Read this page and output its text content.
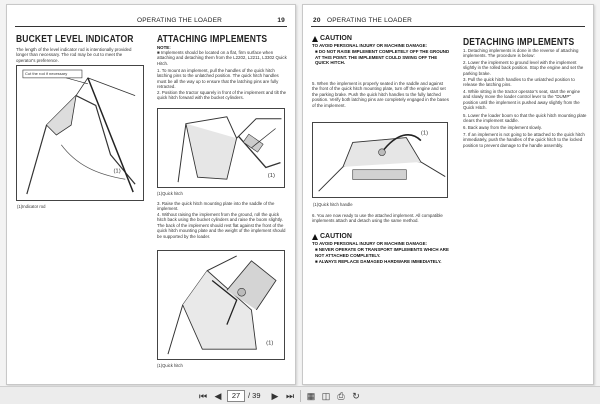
OPERATING THE LOADER	19
BUCKET LEVEL INDICATOR
The length of the level indicator rod is intentionally provided longer than necessary. The rod may be cut to meet the operator's preference.
(1)
Cut the rod if necessary
(1)Indicator rod
ATTACHING IMPLEMENTS
NOTE:
■ Implements should be located on a flat, firm surface when attaching and detaching them from the L2202, L2211, L3302 Quick Hitch.
1. To mount an implement, pull the handles of the quick hitch latching pins to the unlatched position. The quick hitch handles must be all the way up to ensure that the latching pins are fully retracted.
2. Position the tractor squarely in front of the implement and tilt the quick hitch forward with the bucket cylinders.
(1)
(1)Quick hitch
3. Raise the quick hitch mounting plate into the saddle of the implement.
4. Without raising the implement from the ground, roll the quick hitch back using the bucket cylinders and raise the boom slightly. The back of the implement should rest flat against the front of the quick hitch mounting plate and the weight of the implement should be supported by the loader.
(1)
(1)Quick hitch
20 OPERATING THE LOADER
CAUTION
TO AVOID PERSONAL INJURY OR MACHINE DAMAGE:
■ DO NOT RAISE IMPLEMENT COMPLETELY OFF THE GROUND AT THIS POINT. THE IMPLEMENT COULD SWING OFF THE QUICK HITCH.
5. When the implement is properly seated in the saddle and against the front of the quick hitch mounting plate, turn off the engine and set the parking brake. Push the quick hitch handles to the fully latched position. Verify both latching pins are completely engaged in the bases of the implement.
(1)
(1)Quick hitch handle
6. You are now ready to use the attached implement. All compatible implements attach and detach using the same method.
CAUTION
TO AVOID PERSONAL INJURY OR MACHINE DAMAGE:
■ NEVER OPERATE OR TRANSPORT IMPLEMENTS WHICH ARE NOT ATTACHED COMPLETELY.
■ ALWAYS REPLACE DAMAGED HARDWARE IMMEDIATELY.
DETACHING IMPLEMENTS
1. Detaching implements is done in the reverse of attaching implements. The procedure is below:
2. Lower the implement to ground level with the implement slightly in the rolled back position. Stop the engine and set the parking brake.
3. Pull the quick hitch handles to the unlatched position to release the latching pins.
4. While sitting in the tractor operator's seat, start the engine and slowly move the loader control lever to the "DUMP" position until the implement is pushed away slightly from the Quick Hitch.
5. Lower the loader boom so that the quick hitch mounting plate clears the implement saddle.
6. Back away from the implement slowly.
7. If an implement is not going to be attached to the quick hitch immediately, push the handles of the quick hitch to the locked position to prevent damage to the handle assembly.
⏮ ◀	27	/ 39	▶ ⏭	▦ ◫ ⎙ ↻
